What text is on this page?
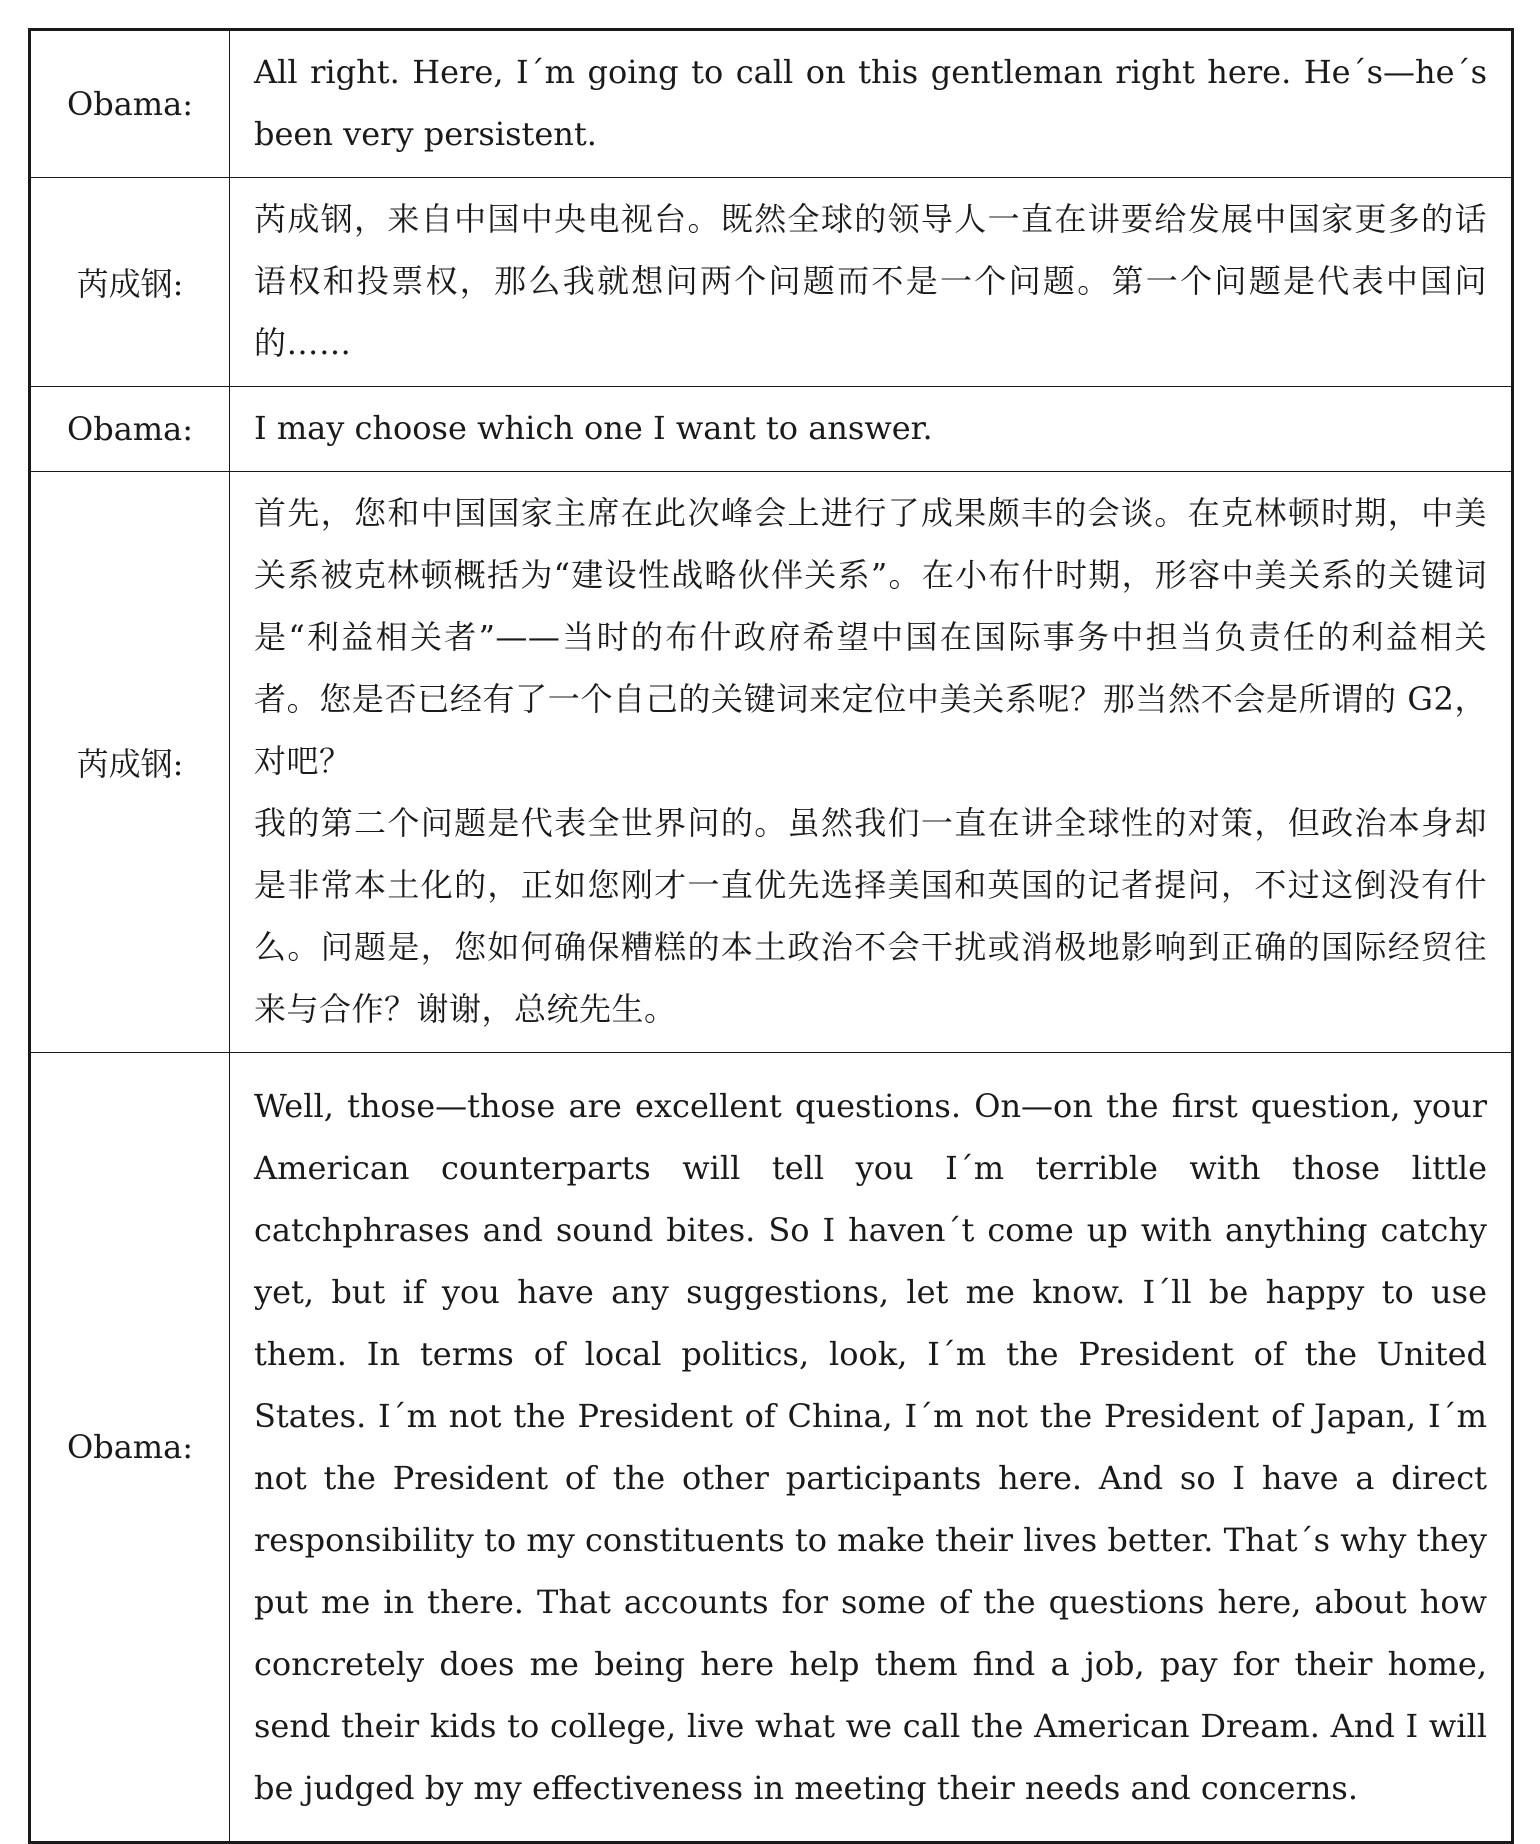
Obama:	All right. Here, I´m going to call on this gentleman right here. He´s—he´s been very persistent.

芮成钢:	芮成钢，来自中国中央电视台。既然全球的领导人一直在讲要给发展中国家更多的话语权和投票权，那么我就想问两个问题而不是一个问题。第一个问题是代表中国问的……

Obama:	I may choose which one I want to answer.

芮成钢:	首先，您和中国国家主席在此次峰会上进行了成果颇丰的会谈。在克林顿时期，中美关系被克林顿概括为“建设性战略伙伴关系”。在小布什时期，形容中美关系的关键词是“利益相关者”——当时的布什政府希望中国在国际事务中担当负责任的利益相关者。您是否已经有了一个自己的关键词来定位中美关系呢？那当然不会是所谓的 G2，对吧？
我的第二个问题是代表全世界问的。虽然我们一直在讲全球性的对策，但政治本身却是非常本土化的，正如您刚才一直优先选择美国和英国的记者提问，不过这倒没有什么。问题是，您如何确保糟糕的本土政治不会干扰或消极地影响到正确的国际经贸往来与合作？谢谢，总统先生。

Obama:	Well, those—those are excellent questions. On—on the first question, your American counterparts will tell you I´m terrible with those little catchphrases and sound bites. So I haven´t come up with anything catchy yet, but if you have any suggestions, let me know. I´ll be happy to use them. In terms of local politics, look, I´m the President of the United States. I´m not the President of China, I´m not the President of Japan, I´m not the President of the other participants here. And so I have a direct responsibility to my constituents to make their lives better. That´s why they put me in there. That accounts for some of the questions here, about how concretely does me being here help them find a job, pay for their home, send their kids to college, live what we call the American Dream. And I will be judged by my effectiveness in meeting their needs and concerns.
